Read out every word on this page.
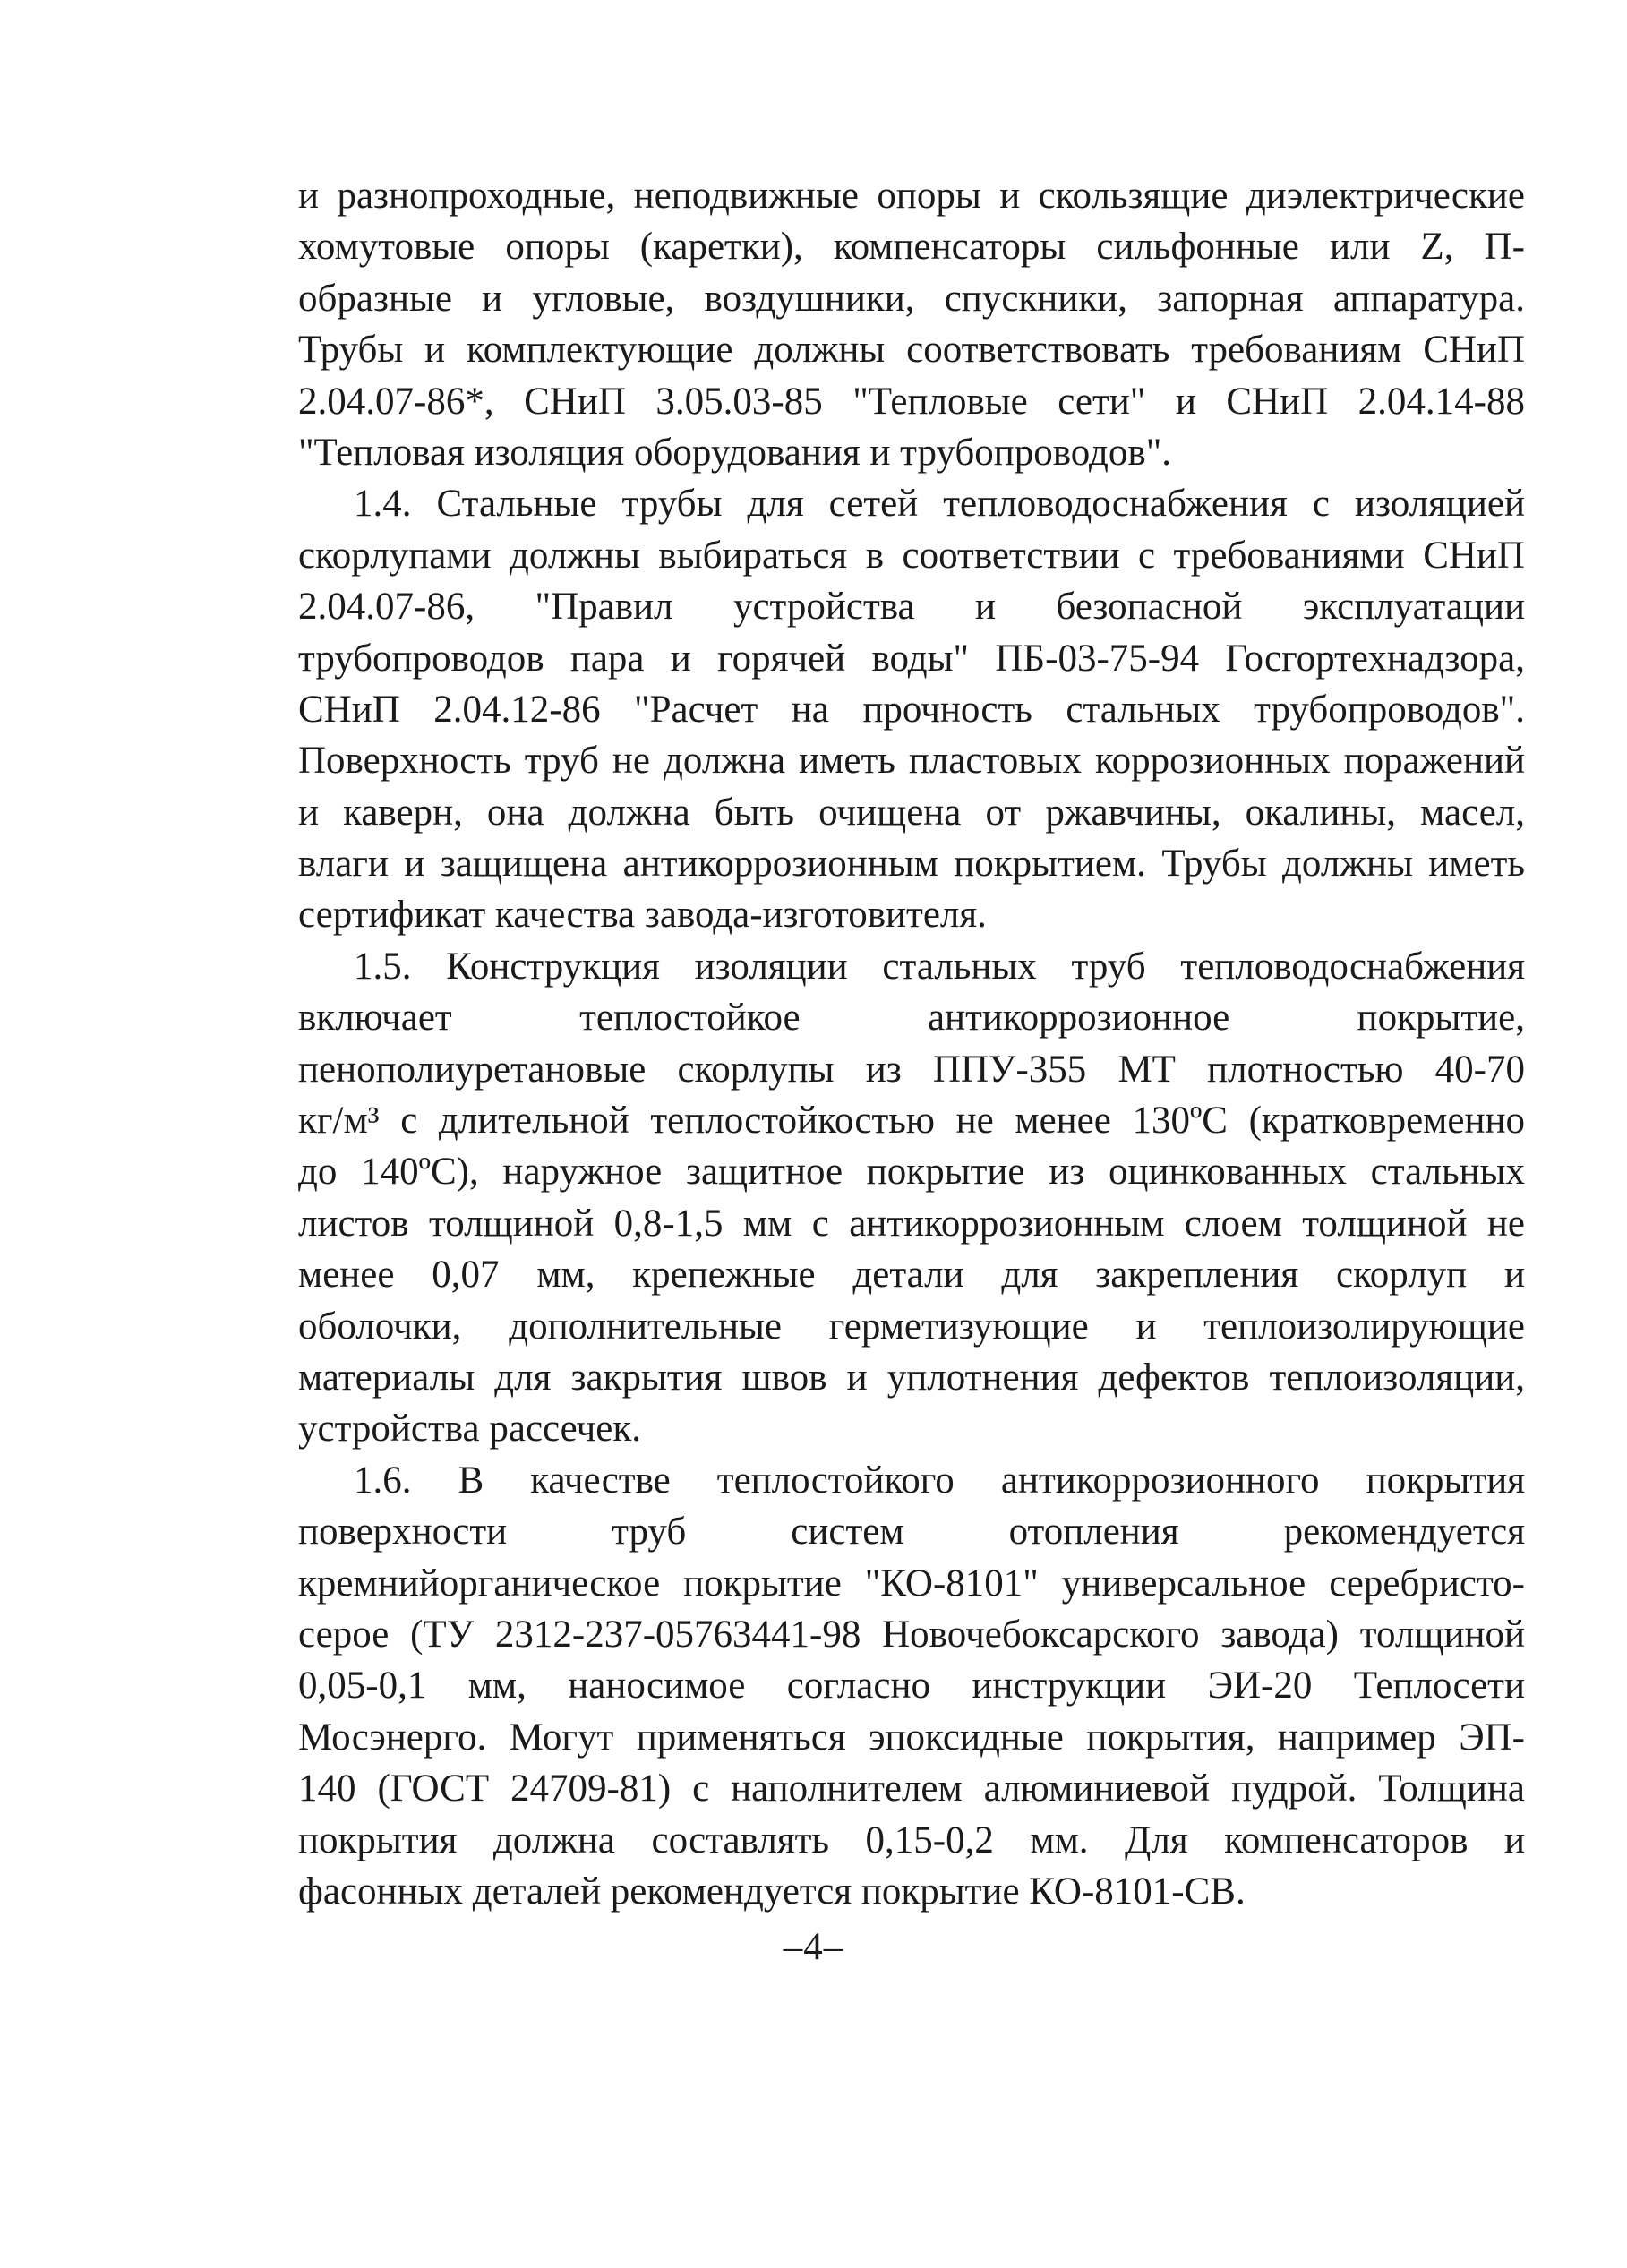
и разнопроходные, неподвижные опоры и скользящие диэлектрические
хомутовые опоры (каретки), компенсаторы сильфонные или Z, П-
образные и угловые, воздушники, спускники, запорная аппаратура.
Трубы и комплектующие должны соответствовать требованиям СНиП
2.04.07-86*, СНиП 3.05.03-85 "Тепловые сети" и СНиП 2.04.14-88
"Тепловая изоляция оборудования и трубопроводов".
1.4. Стальные трубы для сетей тепловодоснабжения с изоляцией
скорлупами должны выбираться в соответствии с требованиями СНиП
2.04.07-86, "Правил устройства и безопасной эксплуатации
трубопроводов пара и горячей воды" ПБ-03-75-94 Госгортехнадзора,
СНиП 2.04.12-86 "Расчет на прочность стальных трубопроводов".
Поверхность труб не должна иметь пластовых коррозионных поражений
и каверн, она должна быть очищена от ржавчины, окалины, масел,
влаги и защищена антикоррозионным покрытием. Трубы должны иметь
сертификат качества завода-изготовителя.
1.5. Конструкция изоляции стальных труб тепловодоснабжения
включает теплостойкое антикоррозионное покрытие,
пенополиуретановые скорлупы из ППУ-355 МТ плотностью 40-70
кг/м³ с длительной теплостойкостью не менее 130ºС (кратковременно
до 140ºС), наружное защитное покрытие из оцинкованных стальных
листов толщиной 0,8-1,5 мм с антикоррозионным слоем толщиной не
менее 0,07 мм, крепежные детали для закрепления скорлуп и
оболочки, дополнительные герметизующие и теплоизолирующие
материалы для закрытия швов и уплотнения дефектов теплоизоляции,
устройства рассечек.
1.6. В качестве теплостойкого антикоррозионного покрытия
поверхности труб систем отопления рекомендуется
кремнийорганическое покрытие "КО-8101" универсальное серебристо-
серое (ТУ 2312-237-05763441-98 Новочебоксарского завода) толщиной
0,05-0,1 мм, наносимое согласно инструкции ЭИ-20 Теплосети
Мосэнерго. Могут применяться эпоксидные покрытия, например ЭП-
140 (ГОСТ 24709-81) с наполнителем алюминиевой пудрой. Толщина
покрытия должна составлять 0,15-0,2 мм. Для компенсаторов и
фасонных деталей рекомендуется покрытие КО-8101-СВ.
–4–
